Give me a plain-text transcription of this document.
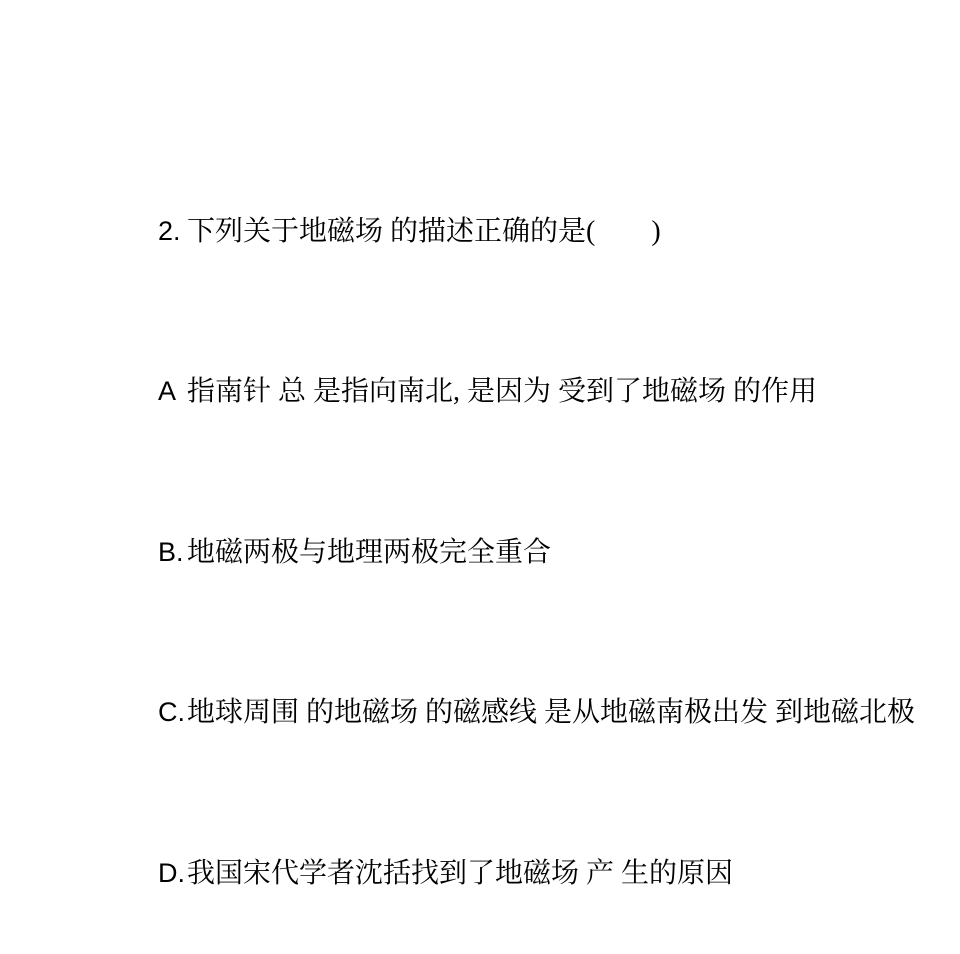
2. 下列关于地磁场 的描述正确的是(        )

A 指南针 总 是指向南北, 是因为 受到了地磁场 的作用

B. 地磁两极与地理两极完全重合

C.地球周围 的地磁场 的磁感线 是从地磁南极出发 到地磁北极

D.我国宋代学者沈括找到了地磁场 产 生的原因
